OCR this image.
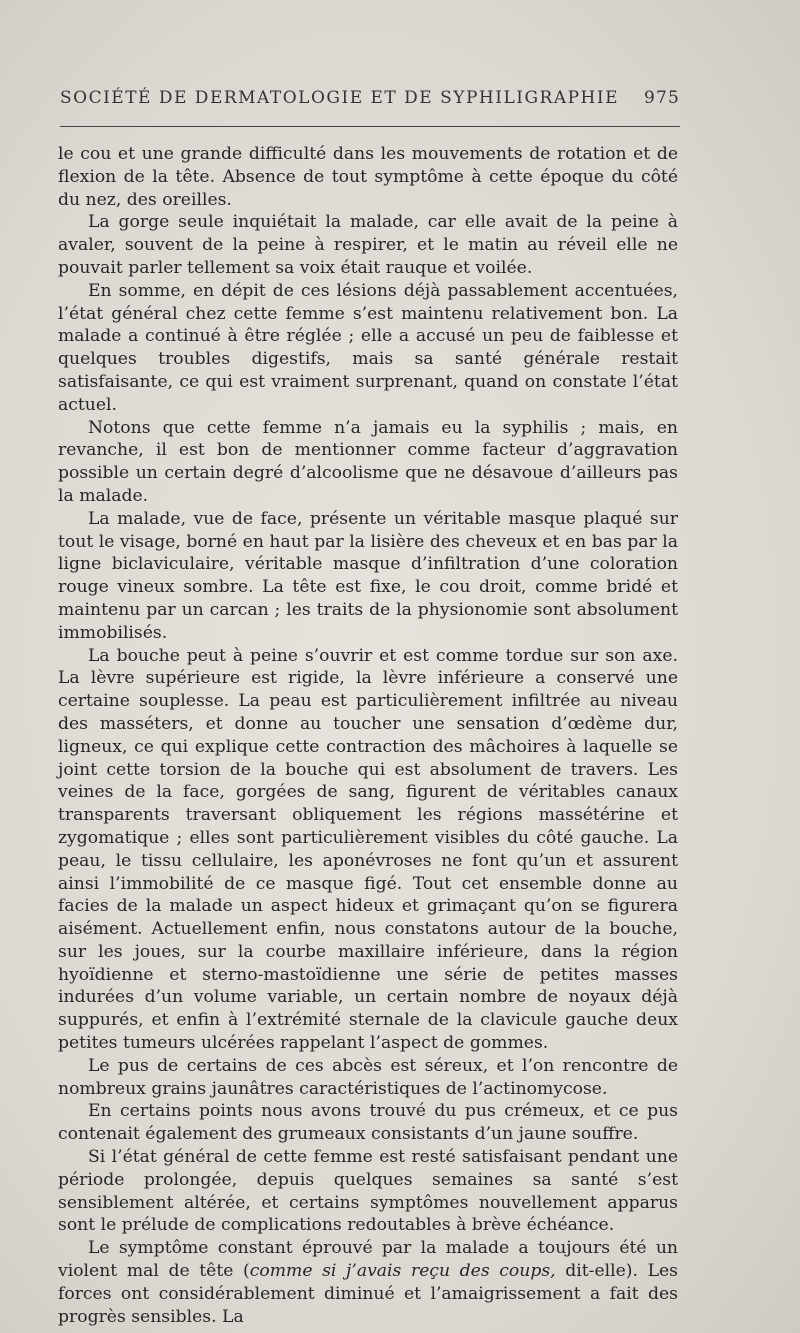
SOCIÉTÉ DE DERMATOLOGIE ET DE SYPHILIGRAPHIE 975

le cou et une grande difficulté dans les mouvements de rotation et de flexion de la tête. Absence de tout symptôme à cette époque du côté du nez, des oreilles.

La gorge seule inquiétait la malade, car elle avait de la peine à avaler, souvent de la peine à respirer, et le matin au réveil elle ne pouvait parler tellement sa voix était rauque et voilée.

En somme, en dépit de ces lésions déjà passablement accentuées, l’état général chez cette femme s’est maintenu relativement bon. La malade a continué à être réglée ; elle a accusé un peu de faiblesse et quelques troubles digestifs, mais sa santé générale restait satisfaisante, ce qui est vraiment surprenant, quand on constate l’état actuel.

Notons que cette femme n’a jamais eu la syphilis ; mais, en revanche, il est bon de mentionner comme facteur d’aggravation possible un certain degré d’alcoolisme que ne désavoue d’ailleurs pas la malade.

La malade, vue de face, présente un véritable masque plaqué sur tout le visage, borné en haut par la lisière des cheveux et en bas par la ligne biclaviculaire, véritable masque d’infiltration d’une coloration rouge vineux sombre. La tête est fixe, le cou droit, comme bridé et maintenu par un carcan ; les traits de la physionomie sont absolument immobilisés.

La bouche peut à peine s’ouvrir et est comme tordue sur son axe. La lèvre supérieure est rigide, la lèvre inférieure a conservé une certaine souplesse. La peau est particulièrement infiltrée au niveau des masséters, et donne au toucher une sensation d’œdème dur, ligneux, ce qui explique cette contraction des mâchoires à laquelle se joint cette torsion de la bouche qui est absolument de travers. Les veines de la face, gorgées de sang, figurent de véritables canaux transparents traversant obliquement les régions massétérine et zygomatique ; elles sont particulièrement visibles du côté gauche. La peau, le tissu cellulaire, les aponévroses ne font qu’un et assurent ainsi l’immobilité de ce masque figé. Tout cet ensemble donne au facies de la malade un aspect hideux et grimaçant qu’on se figurera aisément. Actuellement enfin, nous constatons autour de la bouche, sur les joues, sur la courbe maxillaire inférieure, dans la région hyoïdienne et sterno-mastoïdienne une série de petites masses indurées d’un volume variable, un certain nombre de noyaux déjà suppurés, et enfin à l’extrémité sternale de la clavicule gauche deux petites tumeurs ulcérées rappelant l’aspect de gommes.

Le pus de certains de ces abcès est séreux, et l’on rencontre de nombreux grains jaunâtres caractéristiques de l’actinomycose.

En certains points nous avons trouvé du pus crémeux, et ce pus contenait également des grumeaux consistants d’un jaune souffre.

Si l’état général de cette femme est resté satisfaisant pendant une période prolongée, depuis quelques semaines sa santé s’est sensiblement altérée, et certains symptômes nouvellement apparus sont le prélude de complications redoutables à brève échéance.

Le symptôme constant éprouvé par la malade a toujours été un violent mal de tête (comme si j’avais reçu des coups, dit-elle). Les forces ont considérablement diminué et l’amaigrissement a fait des progrès sensibles. La
